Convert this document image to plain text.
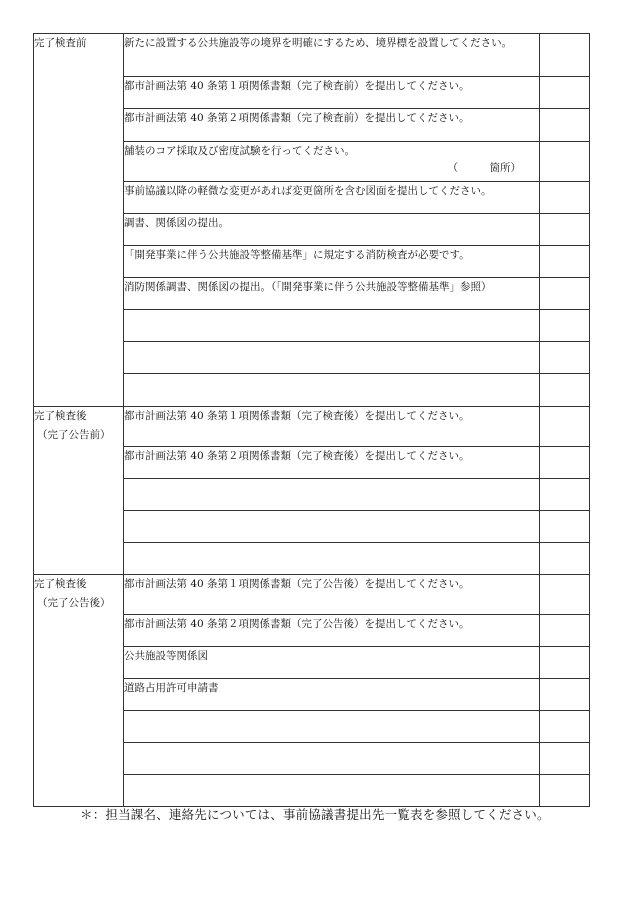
完了検査前	新たに設置する公共施設等の境界を明確にするため、境界標を設置してください。	
	都市計画法第 40 条第１項関係書類（完了検査前）を提出してください。	
	都市計画法第 40 条第２項関係書類（完了検査前）を提出してください。	
	舗装のコア採取及び密度試験を行ってください。
（　　　箇所）	

	事前協議以降の軽微な変更があれば変更箇所を含む図面を提出してください。	
	調書、関係図の提出。	
	「開発事業に伴う公共施設等整備基準」に規定する消防検査が必要です。	
	消防関係調書、関係図の提出。（「開発事業に伴う公共施設等整備基準」参照）	

完了検査後
（完了公告前）	都市計画法第 40 条第１項関係書類（完了検査後）を提出してください。	
	都市計画法第 40 条第２項関係書類（完了検査後）を提出してください。	

完了検査後
（完了公告後）	都市計画法第 40 条第１項関係書類（完了公告後）を提出してください。	
	都市計画法第 40 条第２項関係書類（完了公告後）を提出してください。	
	公共施設等関係図	
	道路占用許可申請書	

＊：担当課名、連絡先については、事前協議書提出先一覧表を参照してください。
